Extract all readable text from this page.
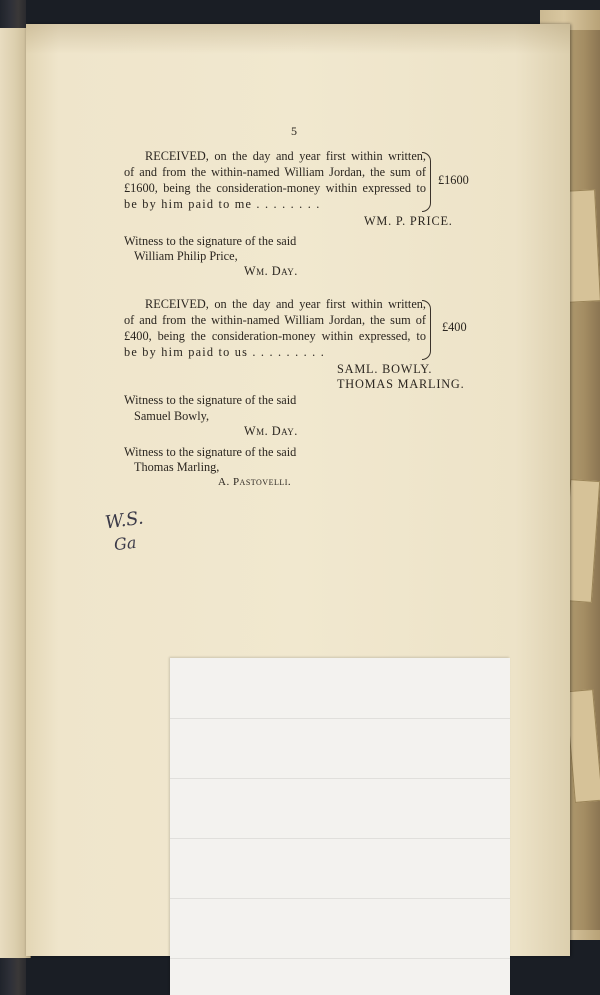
5
RECEIVED, on the day and year first within written,
of and from the within-named William Jordan, the sum of
£1600, being the consideration-money within expressed to
be by him paid to me . . . . . . . .
£1600
WM. P. PRICE.
Witness to the signature of the said
William Philip Price,
Wm. Day.
RECEIVED, on the day and year first within written,
of and from the within-named William Jordan, the sum of
£400, being the consideration-money within expressed, to
be by him paid to us . . . . . . . . .
£400
SAML. BOWLY.
THOMAS MARLING.
Witness to the signature of the said
Samuel Bowly,
Wm. Day.
Witness to the signature of the said
Thomas Marling,
A. Pastovelli.
W.S.
Ga
